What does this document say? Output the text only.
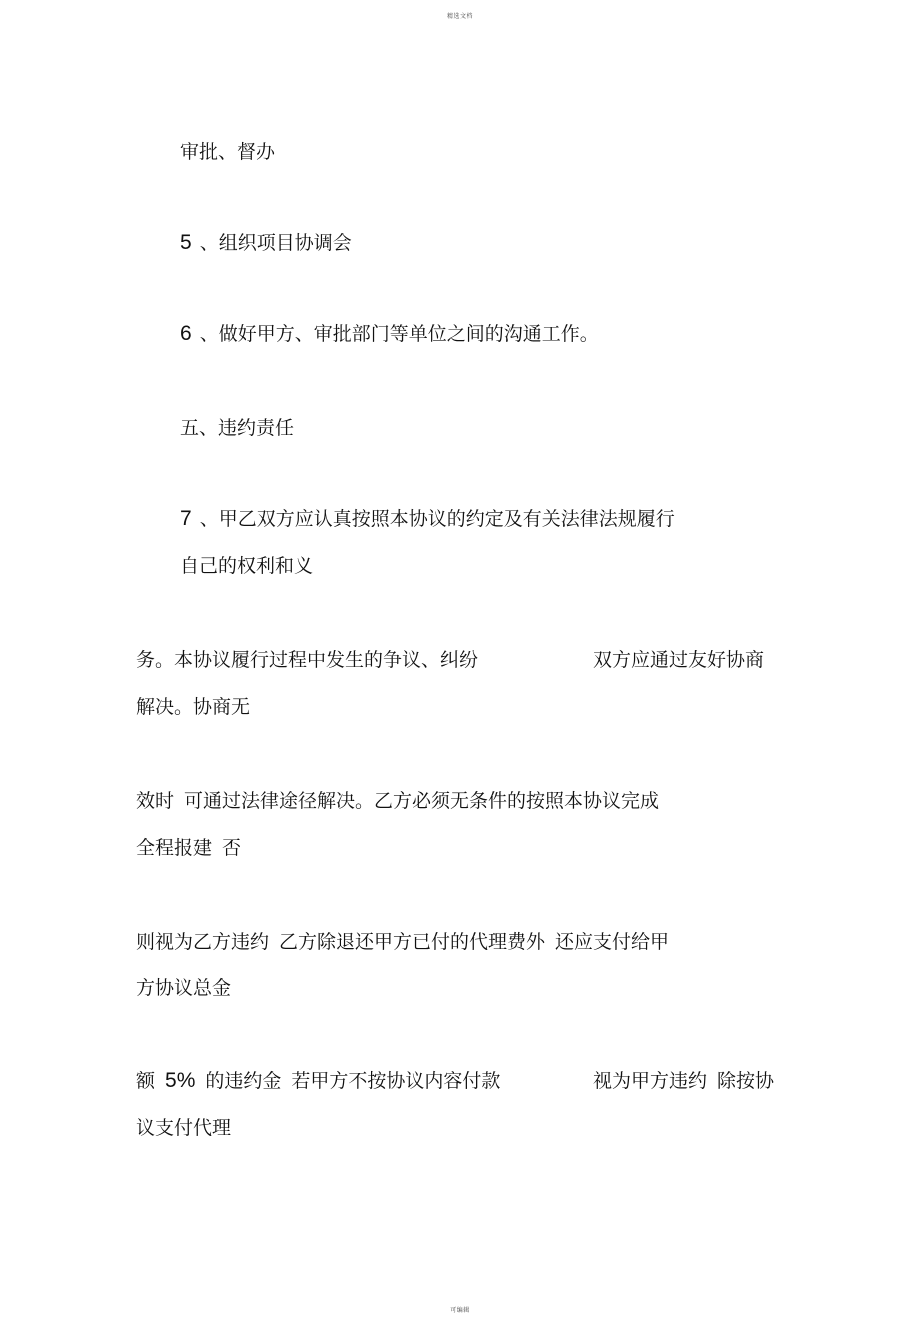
精选文档
审批、督办
5 、组织项目协调会
6 、做好甲方、审批部门等单位之间的沟通工作。
五、违约责任
7 、甲乙双方应认真按照本协议的约定及有关法律法规履行
自己的权利和义
务。本协议履行过程中发生的争议、纠纷	双方应通过友好协商
解决。协商无
效时 可通过法律途径解决。乙方必须无条件的按照本协议完成
全程报建 否
则视为乙方违约 乙方除退还甲方已付的代理费外 还应支付给甲
方协议总金
额 5% 的违约金 若甲方不按协议内容付款	视为甲方违约 除按协
议支付代理
可编辑
